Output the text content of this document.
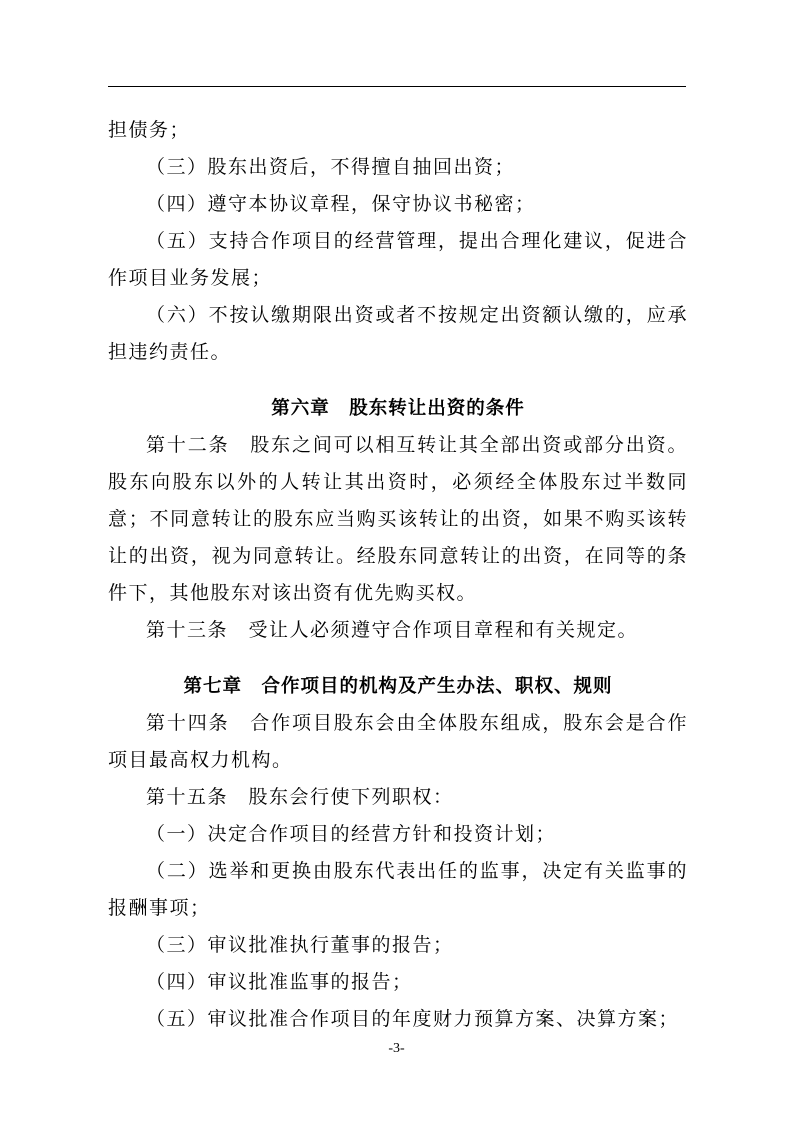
担债务；

（三）股东出资后，不得擅自抽回出资；

（四）遵守本协议章程，保守协议书秘密；

（五）支持合作项目的经营管理，提出合理化建议，促进合作项目业务发展；

（六）不按认缴期限出资或者不按规定出资额认缴的，应承担违约责任。

第六章　股东转让出资的条件

第十二条　股东之间可以相互转让其全部出资或部分出资。股东向股东以外的人转让其出资时，必须经全体股东过半数同意；不同意转让的股东应当购买该转让的出资，如果不购买该转让的出资，视为同意转让。经股东同意转让的出资，在同等的条件下，其他股东对该出资有优先购买权。

第十三条　受让人必须遵守合作项目章程和有关规定。

第七章　合作项目的机构及产生办法、职权、规则

第十四条　合作项目股东会由全体股东组成，股东会是合作项目最高权力机构。

第十五条　股东会行使下列职权：

（一）决定合作项目的经营方针和投资计划；

（二）选举和更换由股东代表出任的监事，决定有关监事的报酬事项；

（三）审议批准执行董事的报告；

（四）审议批准监事的报告；

（五）审议批准合作项目的年度财力预算方案、决算方案；

-3-
